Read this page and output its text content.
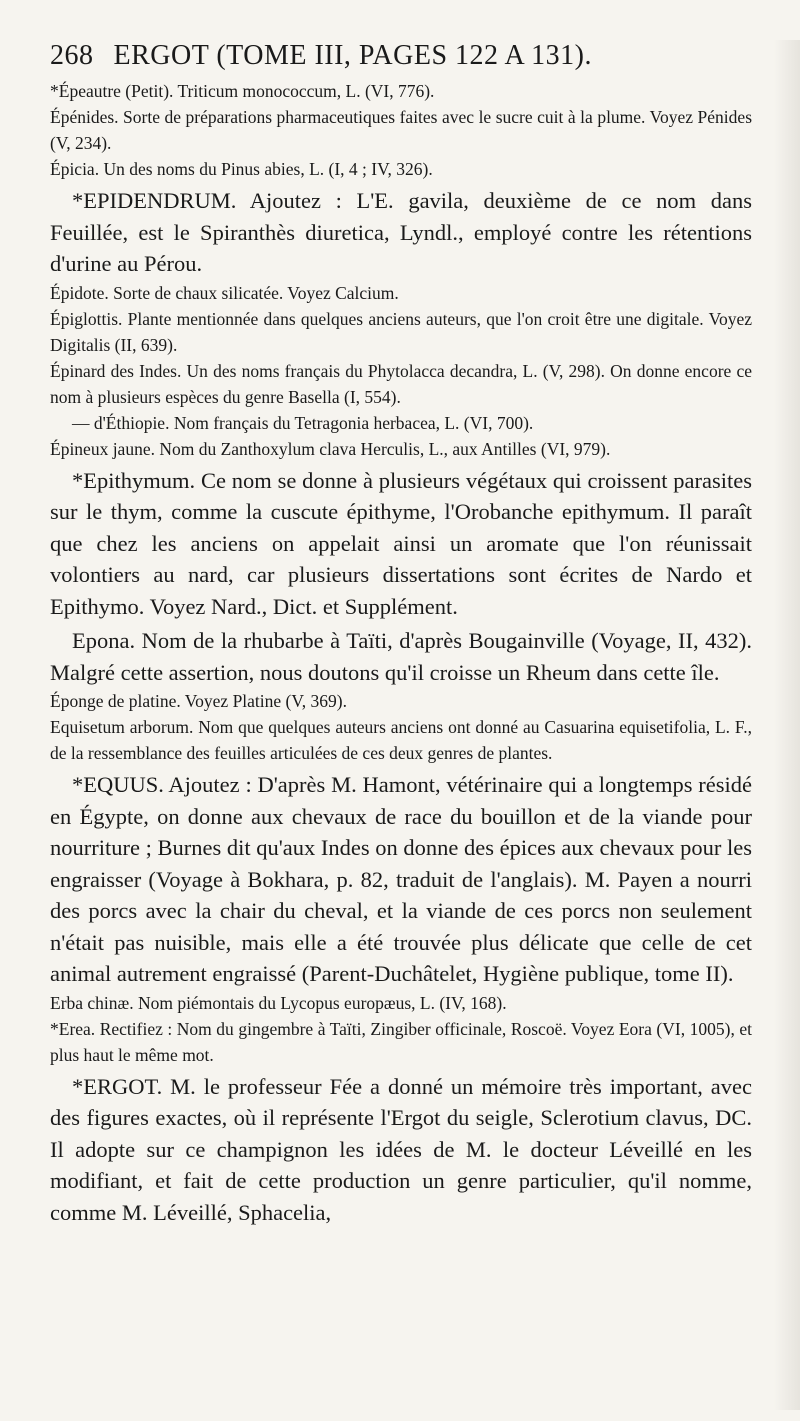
268 ERGOT (TOME III, PAGES 122 A 131).

*Épeautre (Petit). Triticum monococcum, L. (VI, 776).

Épénides. Sorte de préparations pharmaceutiques faites avec le sucre cuit à la plume. Voyez Pénides (V, 234).

Épicia. Un des noms du Pinus abies, L. (I, 4 ; IV, 326).

*EPIDENDRUM. Ajoutez : L'E. gavila, deuxième de ce nom dans Feuillée, est le Spiranthès diuretica, Lyndl., employé contre les rétentions d'urine au Pérou.

Épidote. Sorte de chaux silicatée. Voyez Calcium.

Épiglottis. Plante mentionnée dans quelques anciens auteurs, que l'on croit être une digitale. Voyez Digitalis (II, 639).

Épinard des Indes. Un des noms français du Phytolacca decandra, L. (V, 298). On donne encore ce nom à plusieurs espèces du genre Basella (I, 554).

— d'Éthiopie. Nom français du Tetragonia herbacea, L. (VI, 700).

Épineux jaune. Nom du Zanthoxylum clava Herculis, L., aux Antilles (VI, 979).

*Epithymum. Ce nom se donne à plusieurs végétaux qui croissent parasites sur le thym, comme la cuscute épithyme, l'Orobanche epithymum. Il paraît que chez les anciens on appelait ainsi un aromate que l'on réunissait volontiers au nard, car plusieurs dissertations sont écrites de Nardo et Epithymo. Voyez Nard., Dict. et Supplément.

Epona. Nom de la rhubarbe à Taïti, d'après Bougainville (Voyage, II, 432). Malgré cette assertion, nous doutons qu'il croisse un Rheum dans cette île.

Éponge de platine. Voyez Platine (V, 369).

Equisetum arborum. Nom que quelques auteurs anciens ont donné au Casuarina equisetifolia, L. F., de la ressemblance des feuilles articulées de ces deux genres de plantes.

*EQUUS. Ajoutez : D'après M. Hamont, vétérinaire qui a longtemps résidé en Égypte, on donne aux chevaux de race du bouillon et de la viande pour nourriture ; Burnes dit qu'aux Indes on donne des épices aux chevaux pour les engraisser (Voyage à Bokhara, p. 82, traduit de l'anglais). M. Payen a nourri des porcs avec la chair du cheval, et la viande de ces porcs non seulement n'était pas nuisible, mais elle a été trouvée plus délicate que celle de cet animal autrement engraissé (Parent-Duchâtelet, Hygiène publique, tome II).

Erba chinæ. Nom piémontais du Lycopus europæus, L. (IV, 168).

*Erea. Rectifiez : Nom du gingembre à Taïti, Zingiber officinale, Roscoë. Voyez Eora (VI, 1005), et plus haut le même mot.

*ERGOT. M. le professeur Fée a donné un mémoire très important, avec des figures exactes, où il représente l'Ergot du seigle, Sclerotium clavus, DC. Il adopte sur ce champignon les idées de M. le docteur Léveillé en les modifiant, et fait de cette production un genre particulier, qu'il nomme, comme M. Léveillé, Sphacelia,
